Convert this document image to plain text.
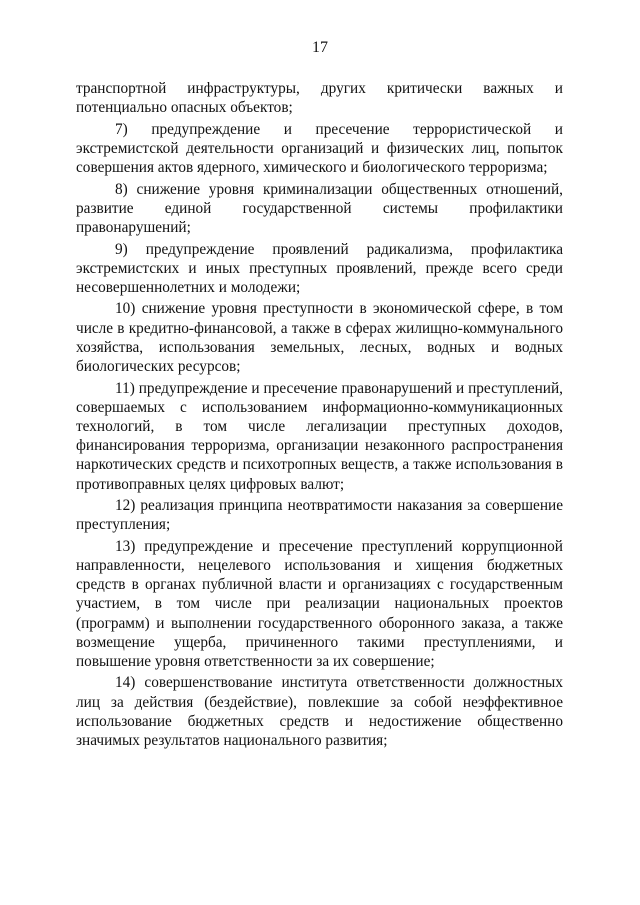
17

транспортной инфраструктуры, других критически важных и потенциально опасных объектов;

7) предупреждение и пресечение террористической и экстремистской деятельности организаций и физических лиц, попыток совершения актов ядерного, химического и биологического терроризма;

8) снижение уровня криминализации общественных отношений, развитие единой государственной системы профилактики правонарушений;

9) предупреждение проявлений радикализма, профилактика экстремистских и иных преступных проявлений, прежде всего среди несовершеннолетних и молодежи;

10) снижение уровня преступности в экономической сфере, в том числе в кредитно-финансовой, а также в сферах жилищно-коммунального хозяйства, использования земельных, лесных, водных и водных биологических ресурсов;

11) предупреждение и пресечение правонарушений и преступлений, совершаемых с использованием информационно-коммуникационных технологий, в том числе легализации преступных доходов, финансирования терроризма, организации незаконного распространения наркотических средств и психотропных веществ, а также использования в противоправных целях цифровых валют;

12) реализация принципа неотвратимости наказания за совершение преступления;

13) предупреждение и пресечение преступлений коррупционной направленности, нецелевого использования и хищения бюджетных средств в органах публичной власти и организациях с государственным участием, в том числе при реализации национальных проектов (программ) и выполнении государственного оборонного заказа, а также возмещение ущерба, причиненного такими преступлениями, и повышение уровня ответственности за их совершение;

14) совершенствование института ответственности должностных лиц за действия (бездействие), повлекшие за собой неэффективное использование бюджетных средств и недостижение общественно значимых результатов национального развития;
